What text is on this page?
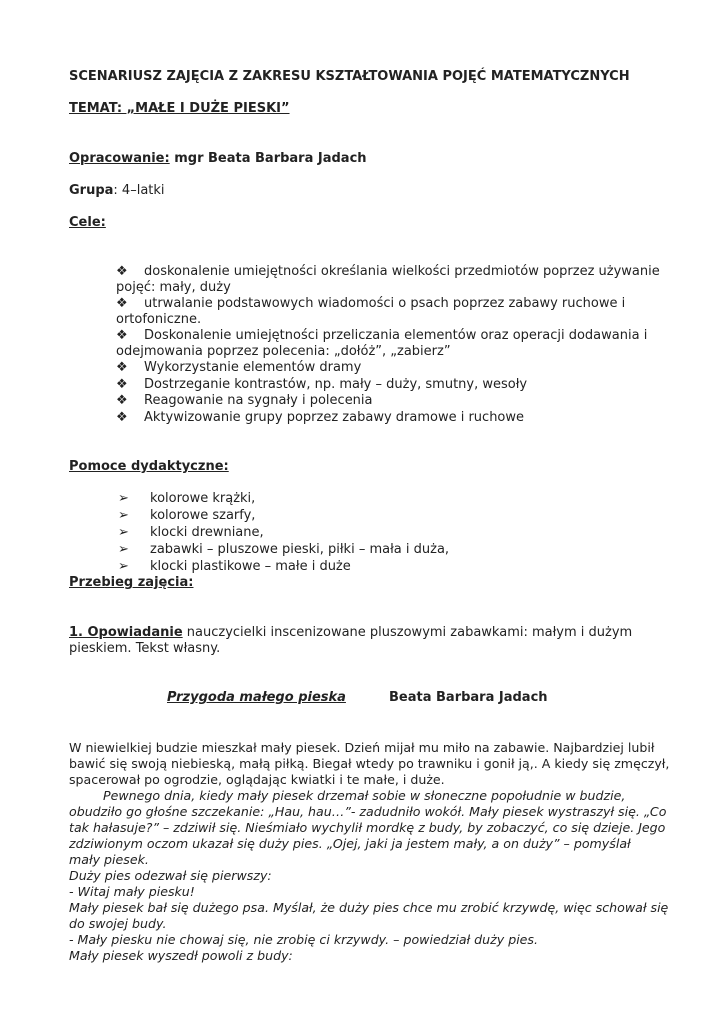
SCENARIUSZ ZAJĘCIA Z ZAKRESU KSZTAŁTOWANIA POJĘĆ MATEMATYCZNYCH
TEMAT: „MAŁE I DUŻE PIESKI”
Opracowanie: mgr Beata Barbara Jadach
Grupa: 4–latki
Cele:
❖ doskonalenie umiejętności określania wielkości przedmiotów poprzez używanie
pojęć: mały, duży
❖ utrwalanie podstawowych wiadomości o psach poprzez zabawy ruchowe i
ortofoniczne.
❖ Doskonalenie umiejętności przeliczania elementów oraz operacji dodawania i
odejmowania poprzez polecenia: „dołóż”, „zabierz”
❖ Wykorzystanie elementów dramy
❖ Dostrzeganie kontrastów, np. mały – duży, smutny, wesoły
❖ Reagowanie na sygnały i polecenia
❖ Aktywizowanie grupy poprzez zabawy dramowe i ruchowe
Pomoce dydaktyczne:
➢ kolorowe krążki,
➢ kolorowe szarfy,
➢ klocki drewniane,
➢ zabawki – pluszowe pieski, piłki – mała i duża,
➢ klocki plastikowe – małe i duże
Przebieg zajęcia:
1. Opowiadanie nauczycielki inscenizowane pluszowymi zabawkami: małym i dużym
pieskiem. Tekst własny.
Przygoda małego pieska	Beata Barbara Jadach
W niewielkiej budzie mieszkał mały piesek. Dzień mijał mu miło na zabawie. Najbardziej lubił
bawić się swoją niebieską, małą piłką. Biegał wtedy po trawniku i gonił ją,. A kiedy się zmęczył,
spacerował po ogrodzie, oglądając kwiatki i te małe, i duże.
Pewnego dnia, kiedy mały piesek drzemał sobie w słoneczne popołudnie w budzie,
obudziło go głośne szczekanie: „Hau, hau…”- zadudniło wokół. Mały piesek wystraszył się. „Co
tak hałasuje?” – zdziwił się. Nieśmiało wychylił mordkę z budy, by zobaczyć, co się dzieje. Jego
zdziwionym oczom ukazał się duży pies. „Ojej, jaki ja jestem mały, a on duży” – pomyślał
mały piesek.
Duży pies odezwał się pierwszy:
- Witaj mały piesku!
Mały piesek bał się dużego psa. Myślał, że duży pies chce mu zrobić krzywdę, więc schował się
do swojej budy.
- Mały piesku nie chowaj się, nie zrobię ci krzywdy. – powiedział duży pies.
Mały piesek wyszedł powoli z budy:
